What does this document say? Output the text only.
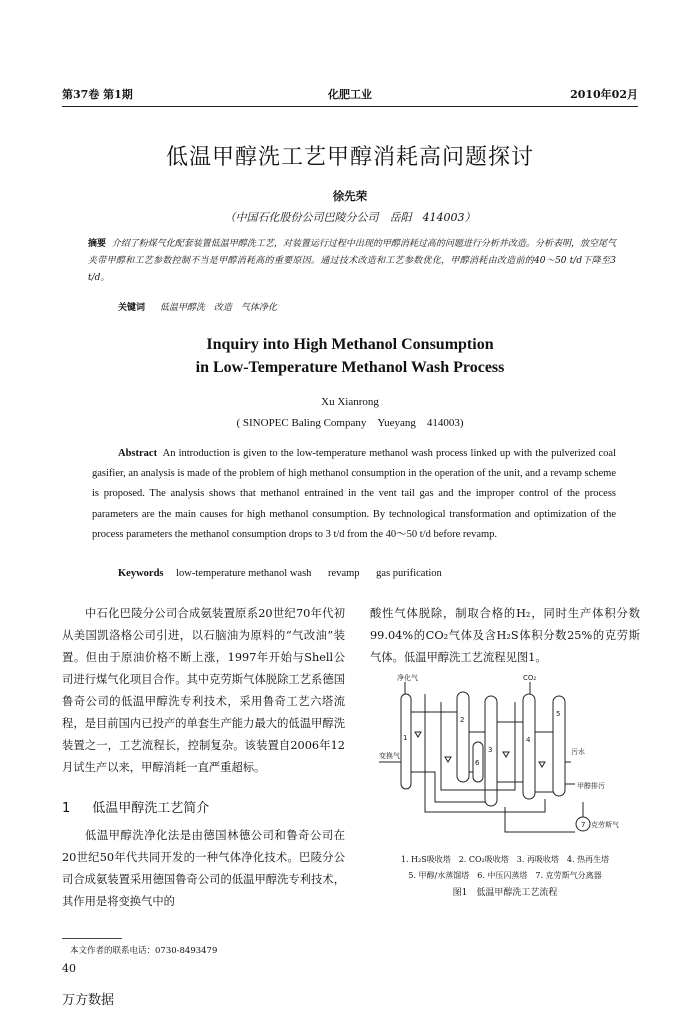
第37卷 第1期	化肥工业	2010年02月
低温甲醇洗工艺甲醇消耗高问题探讨
徐先荣
（中国石化股份公司巴陵分公司　岳阳　414003）
摘要 介绍了粉煤气化配套装置低温甲醇洗工艺，对装置运行过程中出现的甲醇消耗过高的问题进行分析并改造。分析表明，放空尾气夹带甲醇和工艺参数控制不当是甲醇消耗高的重要原因。通过技术改造和工艺参数优化，甲醇消耗由改造前的40～50 t/d下降至3 t/d。
关键词 低温甲醇洗　改造　气体净化
Inquiry into High Methanol Consumption
in Low-Temperature Methanol Wash Process
Xu Xianrong
( SINOPEC Baling Company　Yueyang　414003)
Abstract An introduction is given to the low-temperature methanol wash process linked up with the pulverized coal gasifier, an analysis is made of the problem of high methanol consumption in the operation of the unit, and a revamp scheme is proposed. The analysis shows that methanol entrained in the vent tail gas and the improper control of the process parameters are the main causes for high methanol consumption. By technological transformation and optimization of the process parameters the methanol consumption drops to 3 t/d from the 40～50 t/d before revamp.
Keywords low-temperature methanol wash revamp gas purification
中石化巴陵分公司合成氨装置原系20世纪70年代初从美国凯洛格公司引进，以石脑油为原料的“气改油”装置。但由于原油价格不断上涨，1997年开始与Shell公司进行煤气化项目合作。其中克劳斯气体脱除工艺系德国鲁奇公司的低温甲醇洗专利技术，采用鲁奇工艺六塔流程，是目前国内已投产的单套生产能力最大的低温甲醇洗装置之一，工艺流程长，控制复杂。该装置自2006年12月试生产以来，甲醇消耗一直严重超标。
1 低温甲醇洗工艺简介
低温甲醇洗净化法是由德国林德公司和鲁奇公司在20世纪50年代共同开发的一种气体净化技术。巴陵分公司合成氨装置采用德国鲁奇公司的低温甲醇洗专利技术，其作用是将变换气中的
酸性气体脱除，制取合格的H₂，同时生产体积分数99.04%的CO₂气体及含H₂S体积分数25%的克劳斯气体。低温甲醇洗工艺流程见图1。
净化气	CO₂
1
2
3
4
5
6
7
变换气	污水
甲醇排污
克劳斯气
1. H₂S吸收塔　2. CO₂吸收塔　3. 再吸收塔　4. 热再生塔
5. 甲醇/水蒸馏塔　6. 中压闪蒸塔　7. 克劳斯气分离器
图1　低温甲醇洗工艺流程
本文作者的联系电话：0730-8493479
40
万方数据
